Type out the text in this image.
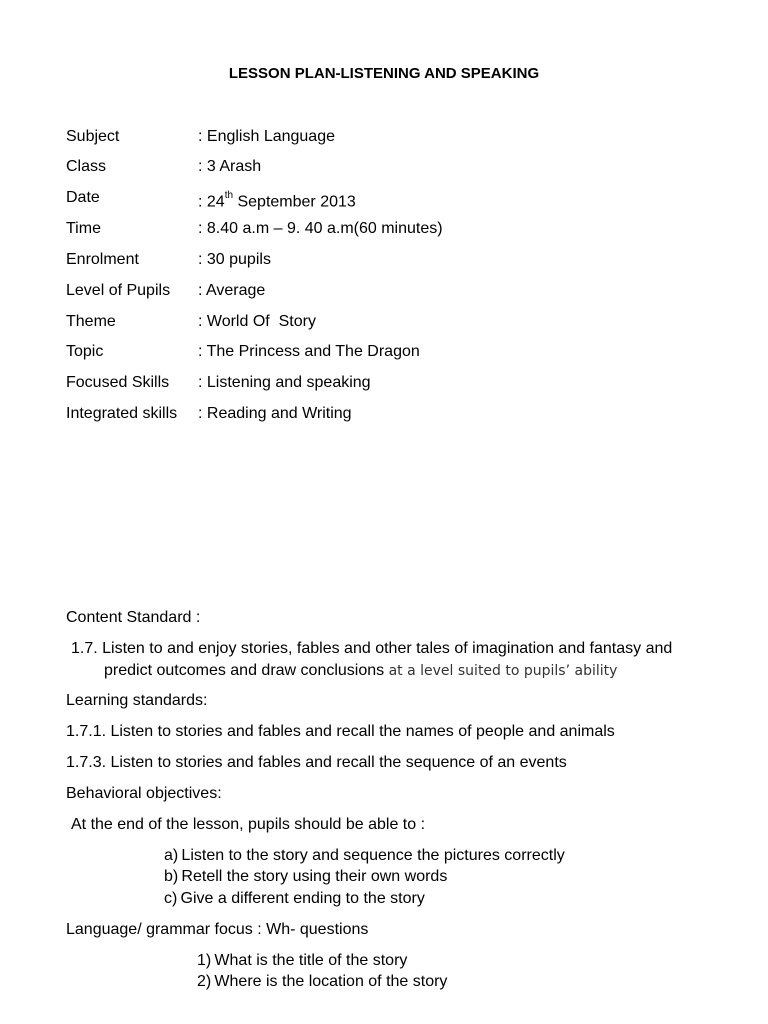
LESSON PLAN-LISTENING AND SPEAKING
Subject	: English Language
Class	: 3 Arash
Date	: 24th September 2013
Time	: 8.40 a.m – 9. 40 a.m(60 minutes)
Enrolment	: 30 pupils
Level of Pupils : Average
Theme	: World Of  Story
Topic	: The Princess and The Dragon
Focused Skills : Listening and speaking
Integrated skills : Reading and Writing
Content Standard :
1.7. Listen to and enjoy stories, fables and other tales of imagination and fantasy and
predict outcomes and draw conclusions at a level suited to pupils’ ability
Learning standards:
1.7.1. Listen to stories and fables and recall the names of people and animals
1.7.3. Listen to stories and fables and recall the sequence of an events
Behavioral objectives:
At the end of the lesson, pupils should be able to :
a) Listen to the story and sequence the pictures correctly
b) Retell the story using their own words
c) Give a different ending to the story
Language/ grammar focus : Wh- questions
1) What is the title of the story
2) Where is the location of the story
